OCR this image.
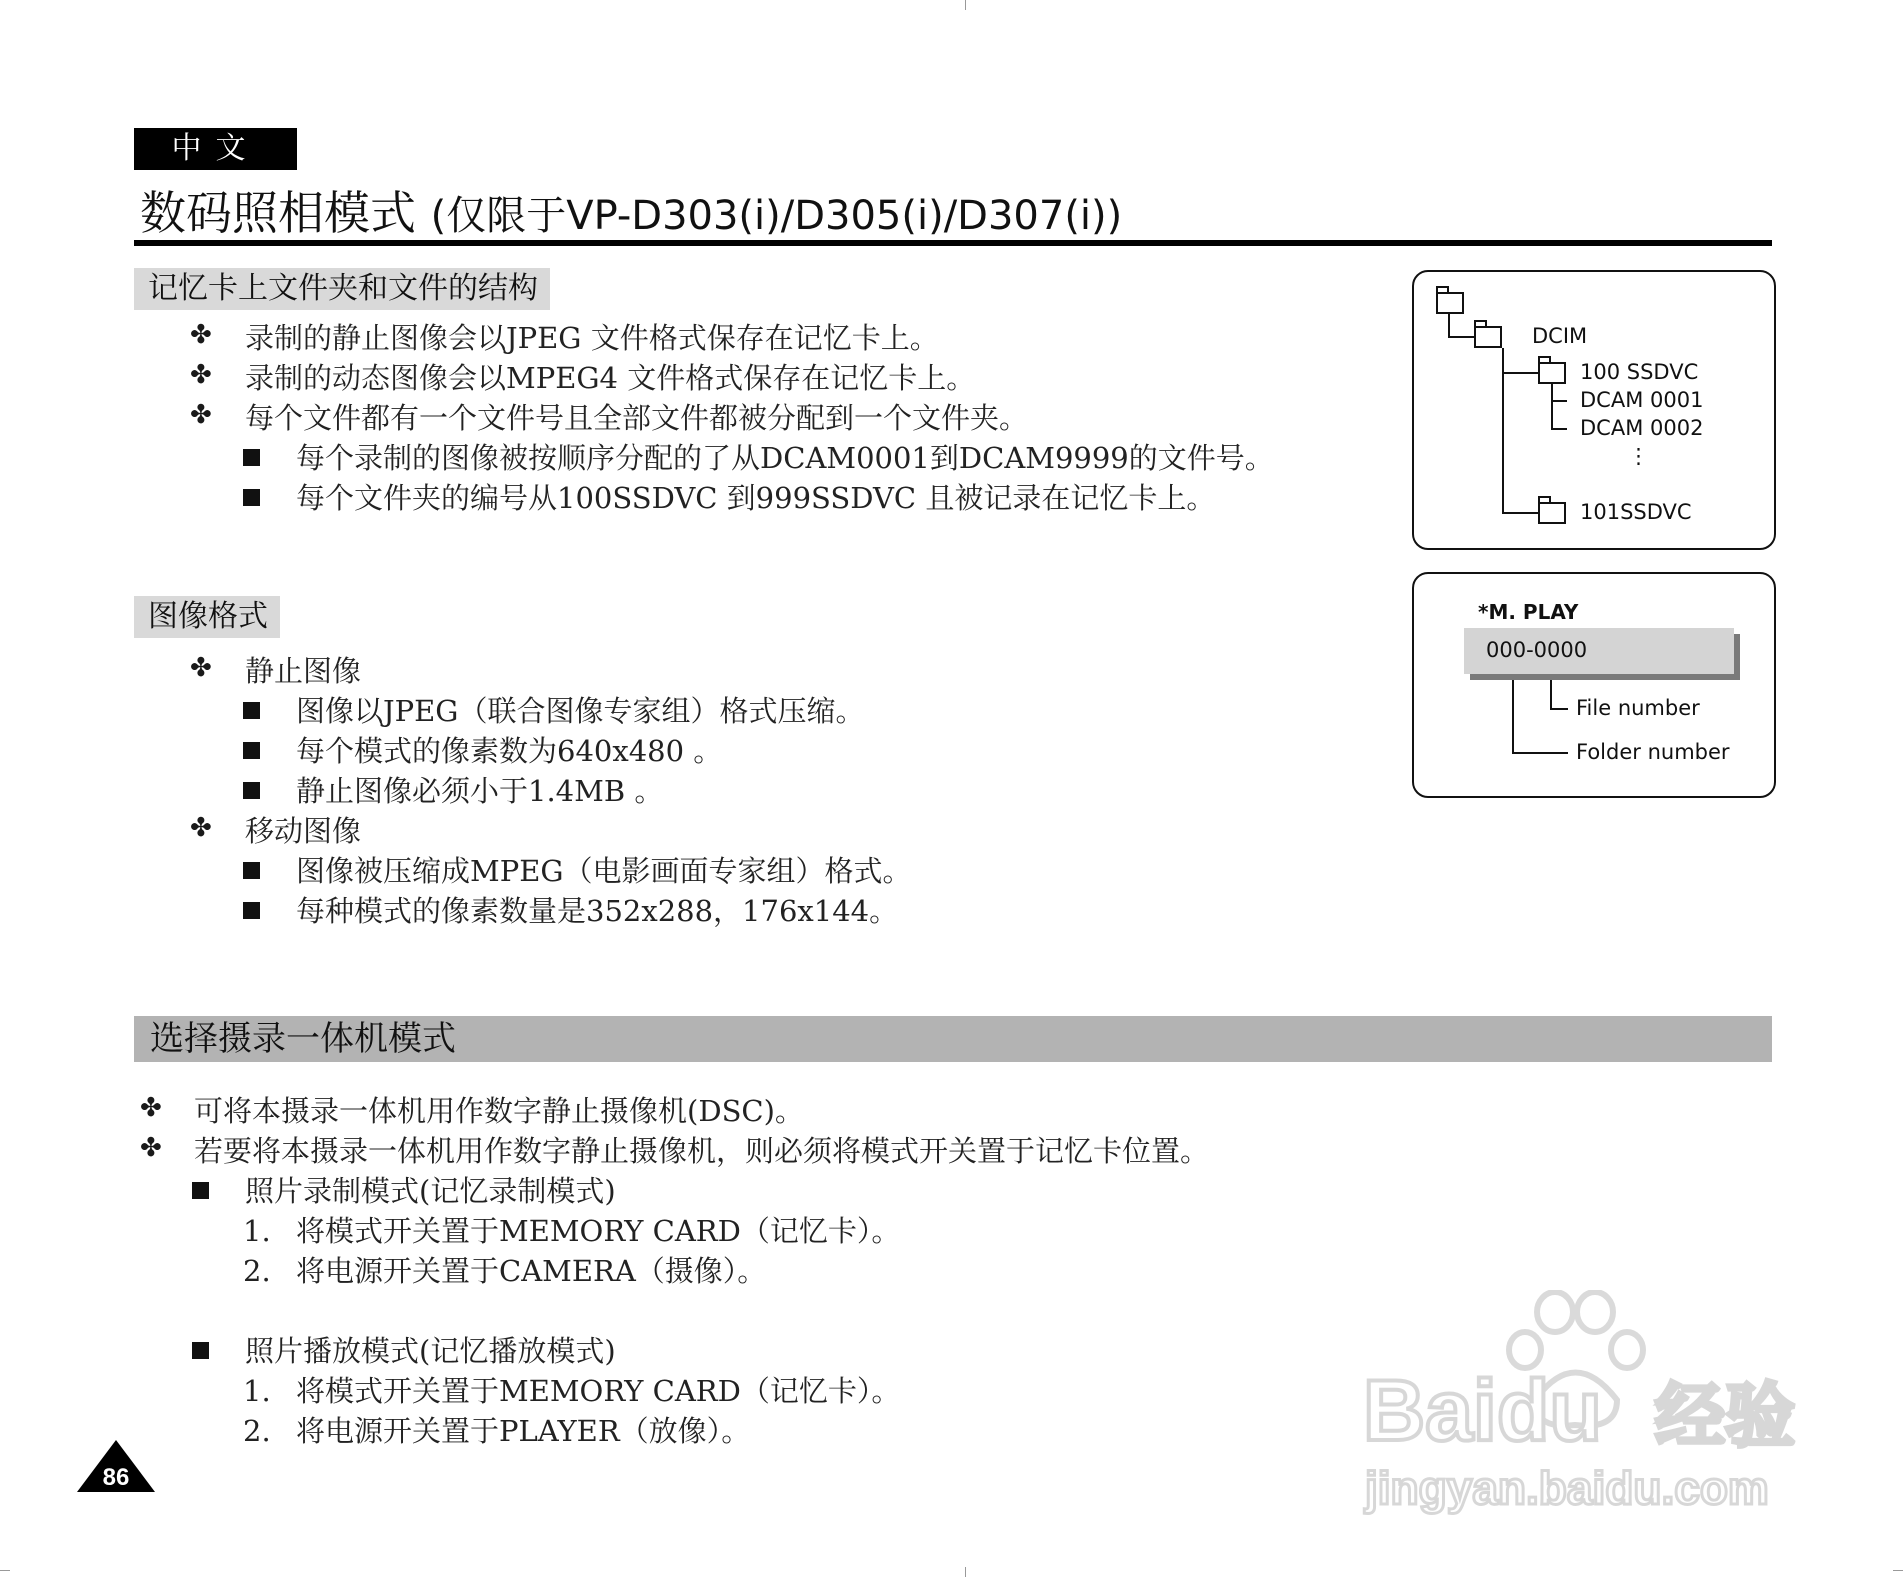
中文
数码照相模式 (仅限于VP-D303(i)/D305(i)/D307(i))
记忆卡上文件夹和文件的结构
✤ 录制的静止图像会以JPEG 文件格式保存在记忆卡上。
✤ 录制的动态图像会以MPEG4 文件格式保存在记忆卡上。
✤ 每个文件都有一个文件号且全部文件都被分配到一个文件夹。
每个录制的图像被按顺序分配的了从DCAM0001到DCAM9999的文件号。
每个文件夹的编号从100SSDVC 到999SSDVC 且被记录在记忆卡上。
DCIM
100 SSDVC
DCAM 0001
DCAM 0002
⋮
101SSDVC
图像格式
✤ 静止图像
图像以JPEG（联合图像专家组）格式压缩。
每个模式的像素数为640x480 。
静止图像必须小于1.4MB 。
✤ 移动图像
图像被压缩成MPEG（电影画面专家组）格式。
每种模式的像素数量是352x288，176x144。
*M. PLAY
000-0000
File number
Folder number
选择摄录一体机模式
✤ 可将本摄录一体机用作数字静止摄像机(DSC)。
✤ 若要将本摄录一体机用作数字静止摄像机，则必须将模式开关置于记忆卡位置。
照片录制模式(记忆录制模式)
1. 将模式开关置于MEMORY CARD（记忆卡）。
2. 将电源开关置于CAMERA（摄像）。
照片播放模式(记忆播放模式)
1. 将模式开关置于MEMORY CARD（记忆卡）。
2. 将电源开关置于PLAYER（放像）。
86
Baidu 经验
jingyan.baidu.com
